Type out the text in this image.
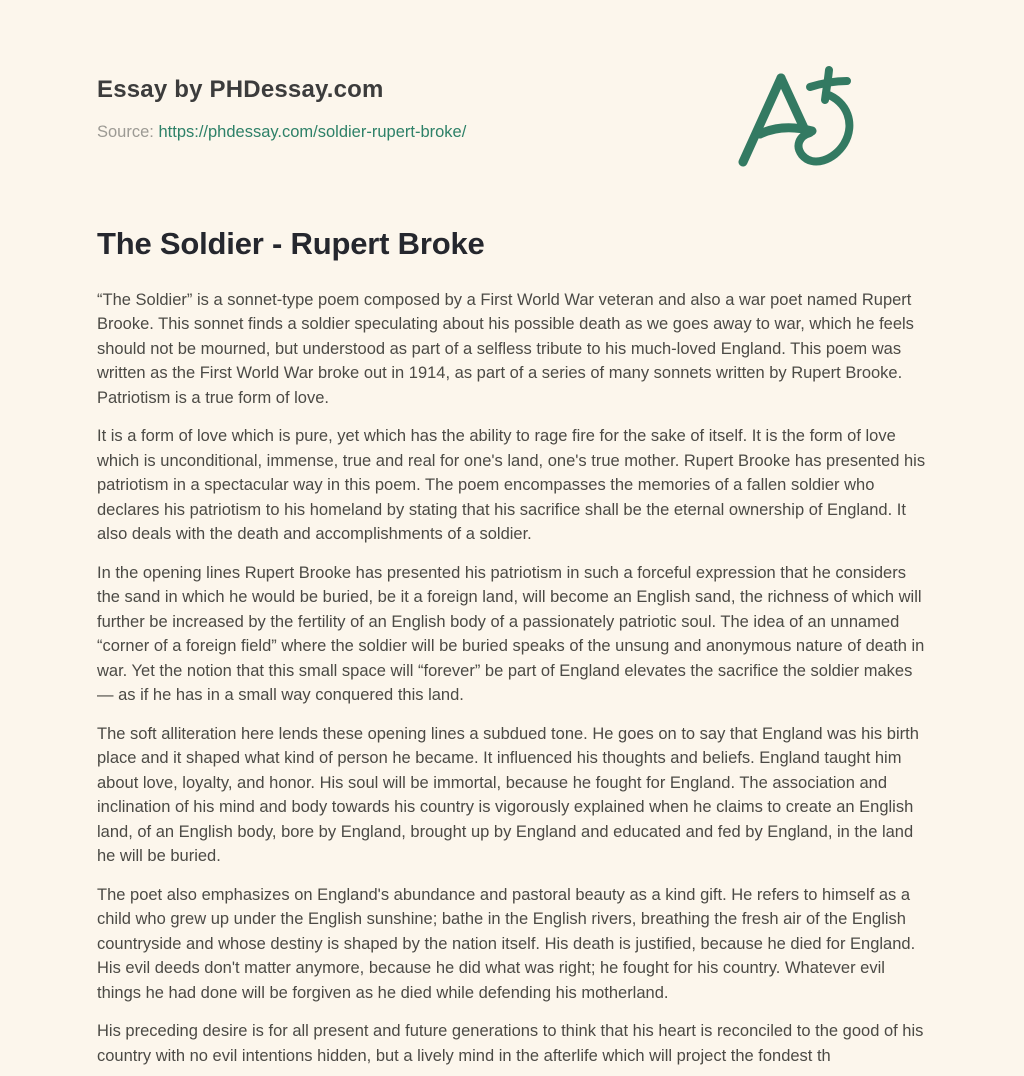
Essay by PHDessay.com
Source: https://phdessay.com/soldier-rupert-broke/
The Soldier - Rupert Broke

“The Soldier” is a sonnet-type poem composed by a First World War veteran and also a war poet named Rupert Brooke. This sonnet finds a soldier speculating about his possible death as we goes away to war, which he feels should not be mourned, but understood as part of a selfless tribute to his much-loved England. This poem was written as the First World War broke out in 1914, as part of a series of many sonnets written by Rupert Brooke. Patriotism is a true form of love.

It is a form of love which is pure, yet which has the ability to rage fire for the sake of itself. It is the form of love which is unconditional, immense, true and real for one's land, one's true mother. Rupert Brooke has presented his patriotism in a spectacular way in this poem. The poem encompasses the memories of a fallen soldier who declares his patriotism to his homeland by stating that his sacrifice shall be the eternal ownership of England. It also deals with the death and accomplishments of a soldier.

In the opening lines Rupert Brooke has presented his patriotism in such a forceful expression that he considers the sand in which he would be buried, be it a foreign land, will become an English sand, the richness of which will further be increased by the fertility of an English body of a passionately patriotic soul. The idea of an unnamed “corner of a foreign field” where the soldier will be buried speaks of the unsung and anonymous nature of death in war. Yet the notion that this small space will “forever” be part of England elevates the sacrifice the soldier makes— as if he has in a small way conquered this land.

The soft alliteration here lends these opening lines a subdued tone. He goes on to say that England was his birth place and it shaped what kind of person he became. It influenced his thoughts and beliefs. England taught him about love, loyalty, and honor. His soul will be immortal, because he fought for England. The association and inclination of his mind and body towards his country is vigorously explained when he claims to create an English land, of an English body, bore by England, brought up by England and educated and fed by England, in the land he will be buried.

The poet also emphasizes on England's abundance and pastoral beauty as a kind gift. He refers to himself as a child who grew up under the English sunshine; bathe in the English rivers, breathing the fresh air of the English countryside and whose destiny is shaped by the nation itself. His death is justified, because he died for England. His evil deeds don't matter anymore, because he did what was right; he fought for his country. Whatever evil things he had done will be forgiven as he died while defending his motherland.

His preceding desire is for all present and future generations to think that his heart is reconciled to the good of his country with no evil intentions hidden, but a lively mind in the afterlife which will project the fondest th
